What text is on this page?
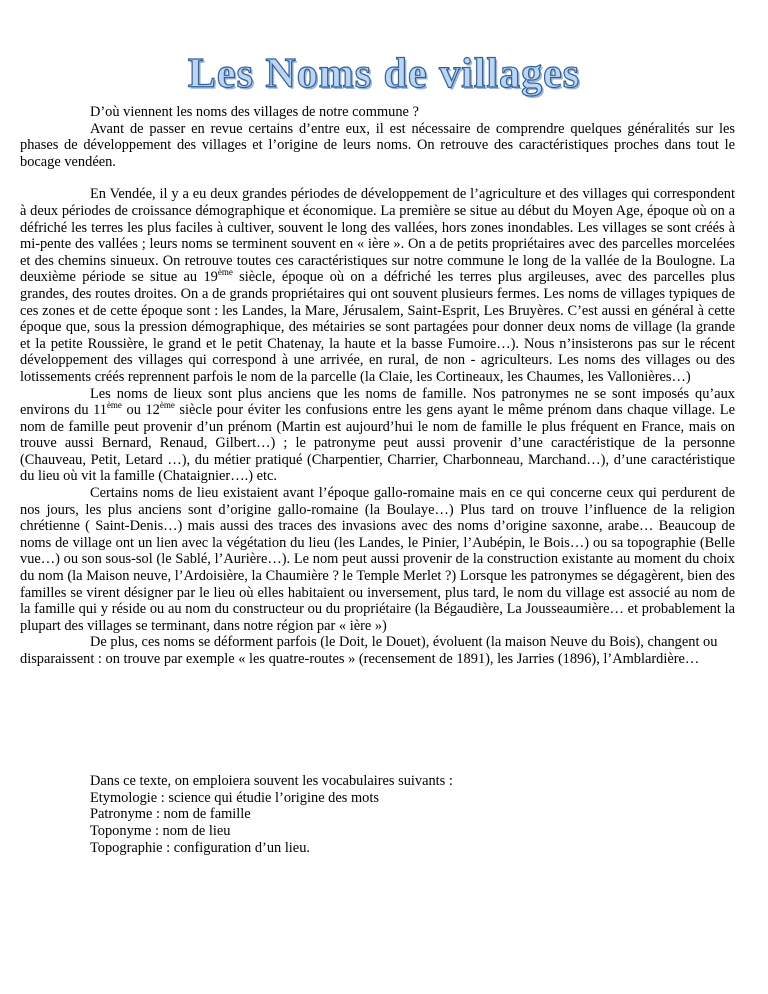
Les Noms de villages

D’où viennent les noms des villages de notre commune ?

Avant de passer en revue certains d’entre eux, il est nécessaire de comprendre quelques généralités sur les phases de développement des villages et l’origine de leurs noms. On retrouve des caractéristiques proches dans tout le bocage vendéen.

En Vendée, il y a eu deux grandes périodes de développement de l’agriculture et des villages qui correspondent à deux périodes de croissance démographique et économique. La première se situe au début du Moyen Age, époque où on a défriché les terres les plus faciles à cultiver, souvent le long des vallées, hors zones inondables. Les villages se sont créés à mi-pente des vallées ; leurs noms se terminent souvent en « ière ». On a de petits propriétaires avec des parcelles morcelées et des chemins sinueux. On retrouve toutes ces caractéristiques sur notre commune le long de la vallée de la Boulogne. La deuxième période se situe au 19ème siècle, époque où on a défriché les terres plus argileuses, avec des parcelles plus grandes, des routes droites. On a de grands propriétaires qui ont souvent plusieurs fermes. Les noms de villages typiques de ces zones et de cette époque sont : les Landes, la Mare, Jérusalem, Saint-Esprit, Les Bruyères. C’est aussi en général à cette époque que, sous la pression démographique, des métairies se sont partagées pour donner deux noms de village (la grande et la petite Roussière, le grand et le petit Chatenay, la haute et la basse Fumoire…). Nous n’insisterons pas sur le récent développement des villages qui correspond à une arrivée, en rural, de non - agriculteurs. Les noms des villages ou des lotissements créés reprennent parfois le nom de la parcelle (la Claie, les Cortineaux, les Chaumes, les Vallonières…)

Les noms de lieux sont plus anciens que les noms de famille. Nos patronymes ne se sont imposés qu’aux environs du 11ème ou 12ème siècle pour éviter les confusions entre les gens ayant le même prénom dans chaque village. Le nom de famille peut provenir d’un prénom (Martin est aujourd’hui le nom de famille le plus fréquent en France, mais on trouve aussi Bernard, Renaud, Gilbert…) ; le patronyme peut aussi provenir d’une caractéristique de la personne (Chauveau, Petit, Letard …), du métier pratiqué (Charpentier, Charrier, Charbonneau, Marchand…), d’une caractéristique du lieu où vit la famille (Chataignier….) etc.

Certains noms de lieu existaient avant l’époque gallo-romaine mais en ce qui concerne ceux qui perdurent de nos jours, les plus anciens sont d’origine gallo-romaine (la Boulaye…) Plus tard on trouve l’influence de la religion chrétienne ( Saint-Denis…) mais aussi des traces des invasions avec des noms d’origine saxonne, arabe… Beaucoup de noms de village ont un lien avec la végétation du lieu (les Landes, le Pinier, l’Aubépin, le Bois…) ou sa topographie (Belle vue…) ou son sous-sol (le Sablé, l’Aurière…). Le nom peut aussi provenir de la construction existante au moment du choix du nom (la Maison neuve, l’Ardoisière, la Chaumière ? le Temple Merlet ?) Lorsque les patronymes se dégagèrent, bien des familles se virent désigner par le lieu où elles habitaient ou inversement, plus tard, le nom du village est associé au nom de la famille qui y réside ou au nom du constructeur ou du propriétaire (la Bégaudière, La Jousseaumière… et probablement la plupart des villages se terminant, dans notre région par « ière »)

De plus, ces noms se déforment parfois (le Doit, le Douet), évoluent (la maison Neuve du Bois), changent ou disparaissent : on trouve par exemple « les quatre-routes » (recensement de 1891), les Jarries (1896), l’Amblardière…

Dans ce texte, on emploiera souvent les vocabulaires suivants :
Etymologie : science qui étudie l’origine des mots
Patronyme : nom de famille
Toponyme : nom de lieu
Topographie : configuration d’un lieu.
